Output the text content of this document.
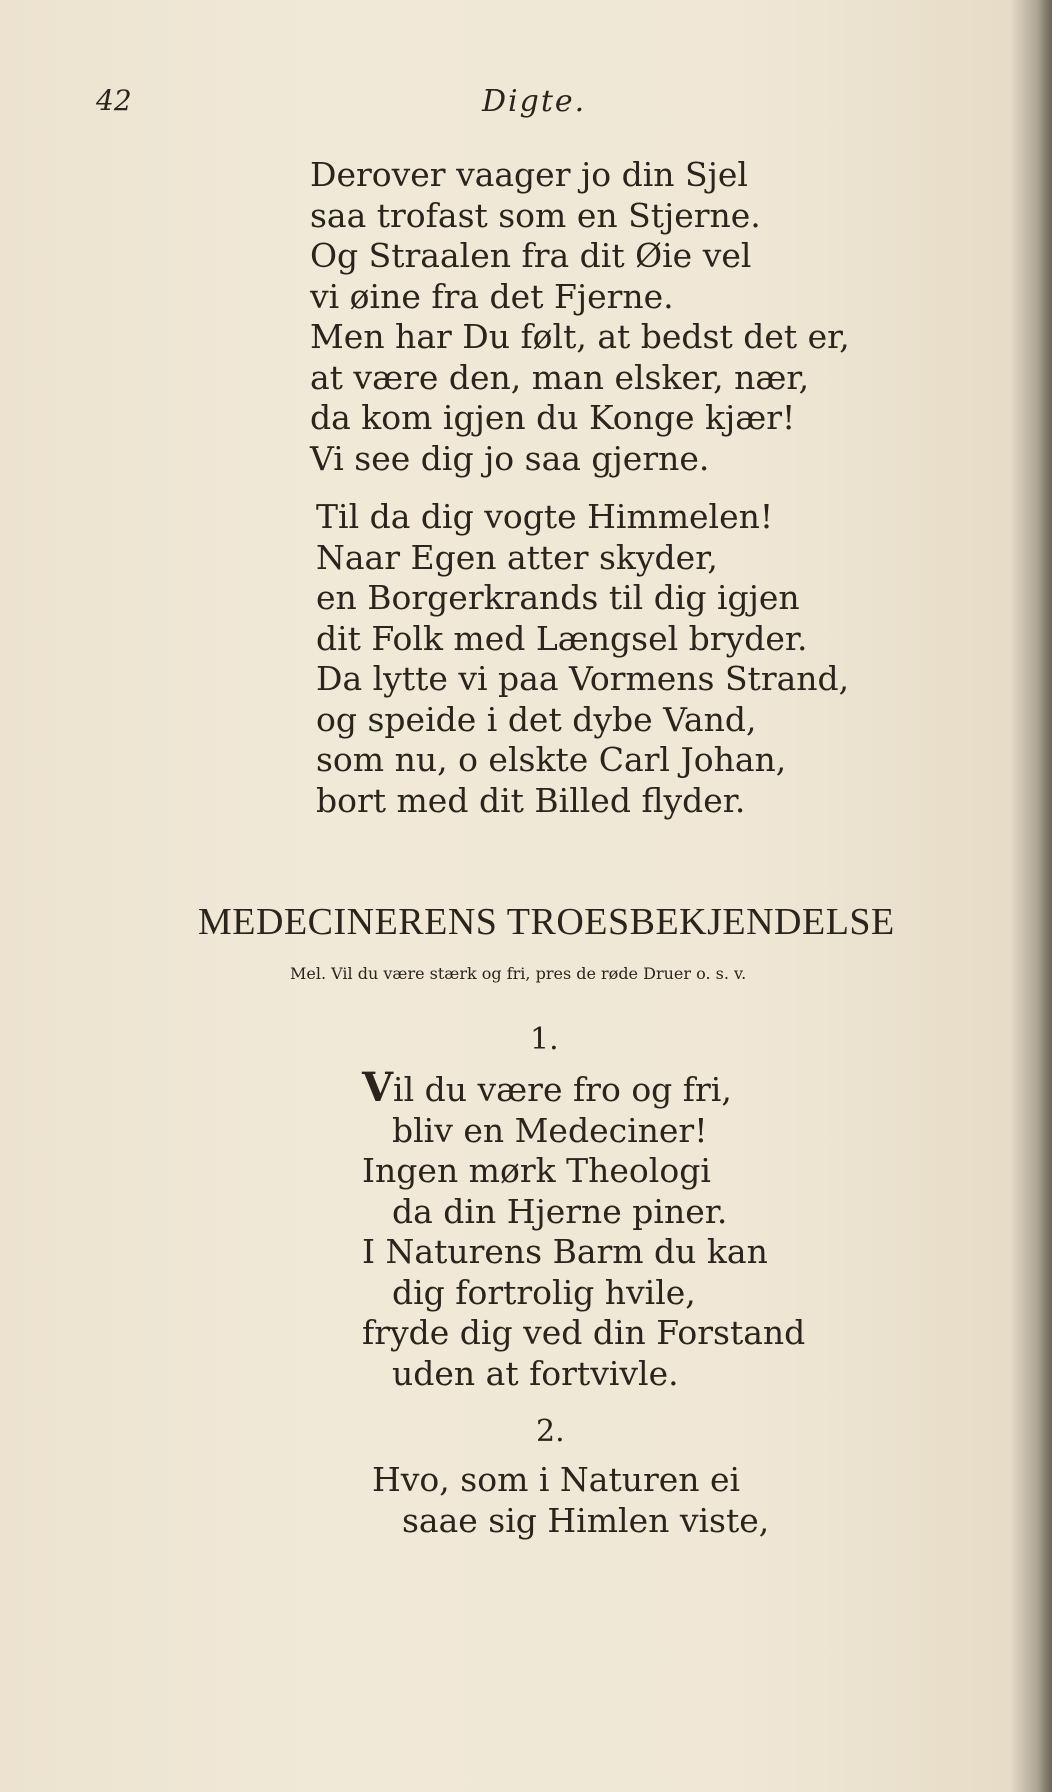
42	Digte.
Derover vaager jo din Sjel
saa trofast som en Stjerne.
Og Straalen fra dit Øie vel
vi øine fra det Fjerne.
Men har Du følt, at bedst det er,
at være den, man elsker, nær,
da kom igjen du Konge kjær!
Vi see dig jo saa gjerne.
Til da dig vogte Himmelen!
Naar Egen atter skyder,
en Borgerkrands til dig igjen
dit Folk med Længsel bryder.
Da lytte vi paa Vormens Strand,
og speide i det dybe Vand,
som nu, o elskte Carl Johan,
bort med dit Billed flyder.
MEDECINERENS TROESBEKJENDELSE
Mel. Vil du være stærk og fri, pres de røde Druer o. s. v.
1.
Vil du være fro og fri,
bliv en Medeciner!
Ingen mørk Theologi
da din Hjerne piner.
I Naturens Barm du kan
dig fortrolig hvile,
fryde dig ved din Forstand
uden at fortvivle.
2.
Hvo, som i Naturen ei
saae sig Himlen viste,
